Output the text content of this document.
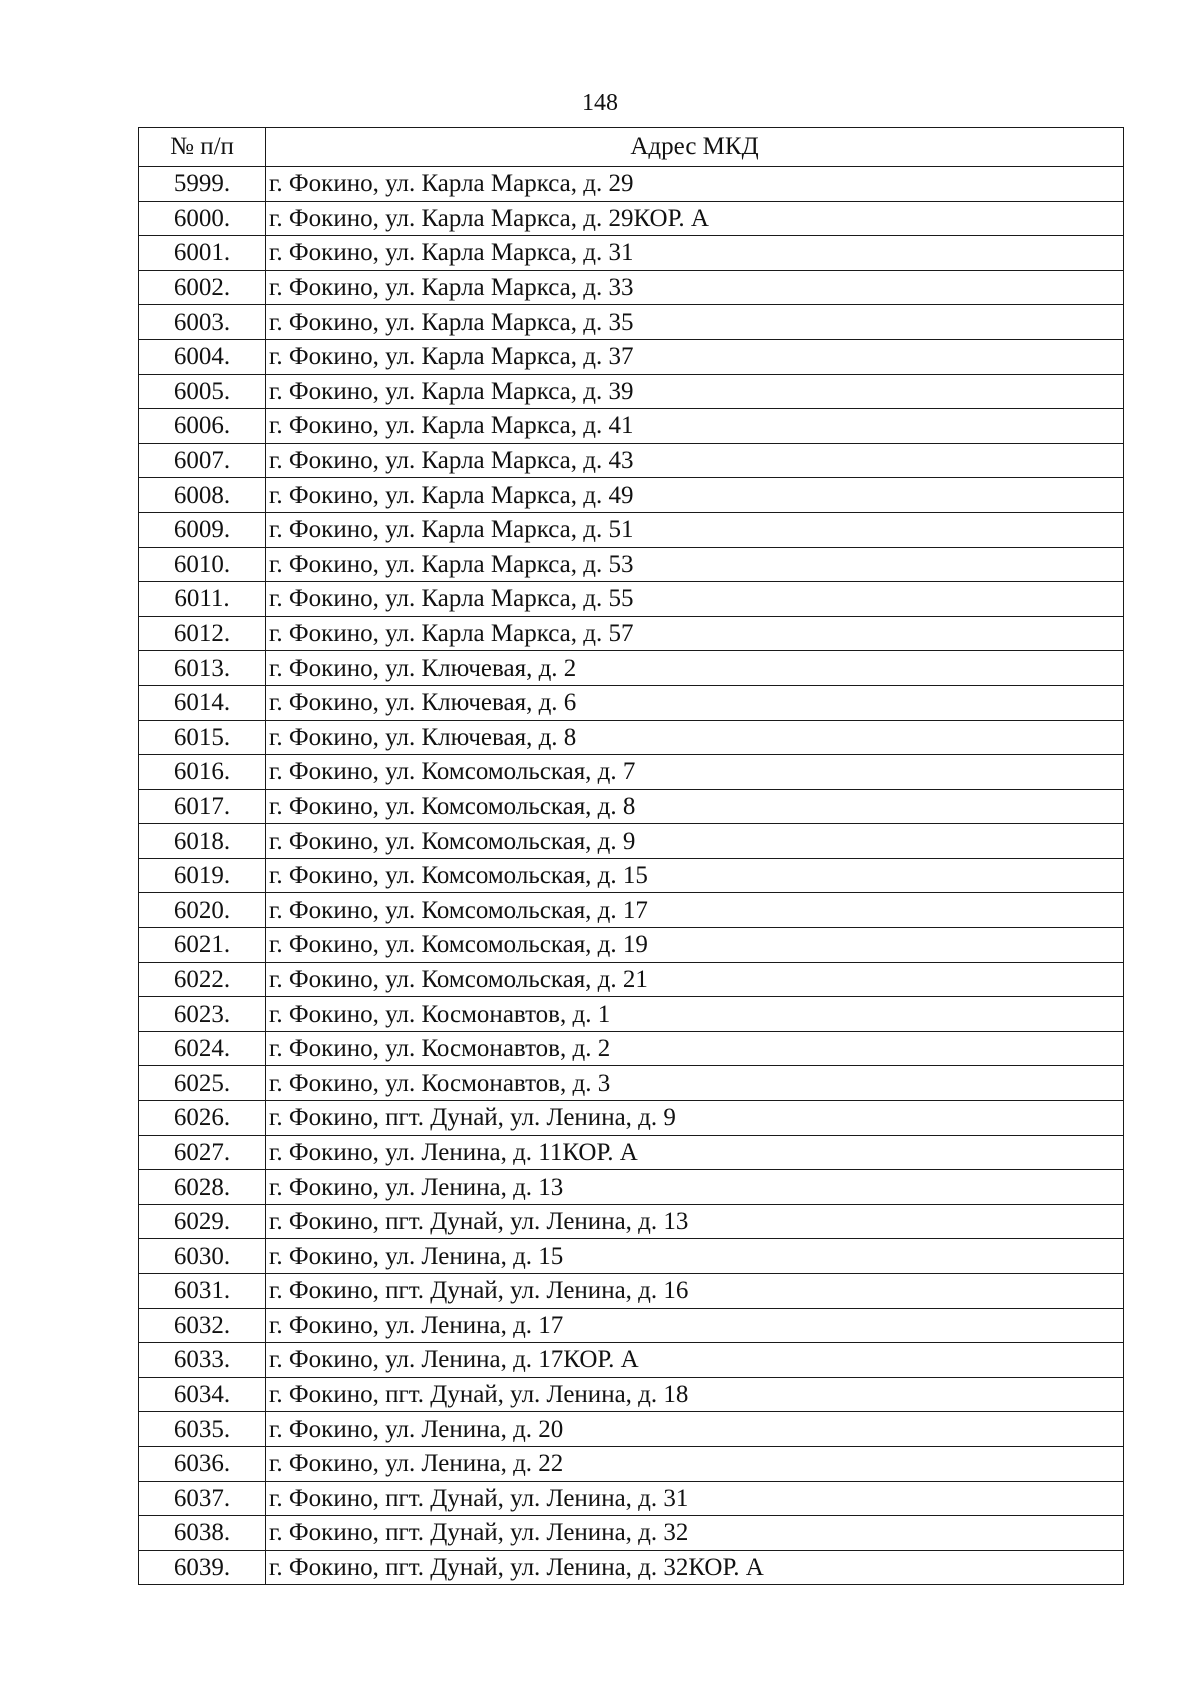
148
№ п/п	Адрес МКД
5999.	г. Фокино, ул. Карла Маркса, д. 29
6000.	г. Фокино, ул. Карла Маркса, д. 29КОР. А
6001.	г. Фокино, ул. Карла Маркса, д. 31
6002.	г. Фокино, ул. Карла Маркса, д. 33
6003.	г. Фокино, ул. Карла Маркса, д. 35
6004.	г. Фокино, ул. Карла Маркса, д. 37
6005.	г. Фокино, ул. Карла Маркса, д. 39
6006.	г. Фокино, ул. Карла Маркса, д. 41
6007.	г. Фокино, ул. Карла Маркса, д. 43
6008.	г. Фокино, ул. Карла Маркса, д. 49
6009.	г. Фокино, ул. Карла Маркса, д. 51
6010.	г. Фокино, ул. Карла Маркса, д. 53
6011.	г. Фокино, ул. Карла Маркса, д. 55
6012.	г. Фокино, ул. Карла Маркса, д. 57
6013.	г. Фокино, ул. Ключевая, д. 2
6014.	г. Фокино, ул. Ключевая, д. 6
6015.	г. Фокино, ул. Ключевая, д. 8
6016.	г. Фокино, ул. Комсомольская, д. 7
6017.	г. Фокино, ул. Комсомольская, д. 8
6018.	г. Фокино, ул. Комсомольская, д. 9
6019.	г. Фокино, ул. Комсомольская, д. 15
6020.	г. Фокино, ул. Комсомольская, д. 17
6021.	г. Фокино, ул. Комсомольская, д. 19
6022.	г. Фокино, ул. Комсомольская, д. 21
6023.	г. Фокино, ул. Космонавтов, д. 1
6024.	г. Фокино, ул. Космонавтов, д. 2
6025.	г. Фокино, ул. Космонавтов, д. 3
6026.	г. Фокино, пгт. Дунай, ул. Ленина, д. 9
6027.	г. Фокино, ул. Ленина, д. 11КОР. А
6028.	г. Фокино, ул. Ленина, д. 13
6029.	г. Фокино, пгт. Дунай, ул. Ленина, д. 13
6030.	г. Фокино, ул. Ленина, д. 15
6031.	г. Фокино, пгт. Дунай, ул. Ленина, д. 16
6032.	г. Фокино, ул. Ленина, д. 17
6033.	г. Фокино, ул. Ленина, д. 17КОР. А
6034.	г. Фокино, пгт. Дунай, ул. Ленина, д. 18
6035.	г. Фокино, ул. Ленина, д. 20
6036.	г. Фокино, ул. Ленина, д. 22
6037.	г. Фокино, пгт. Дунай, ул. Ленина, д. 31
6038.	г. Фокино, пгт. Дунай, ул. Ленина, д. 32
6039.	г. Фокино, пгт. Дунай, ул. Ленина, д. 32КОР. А
